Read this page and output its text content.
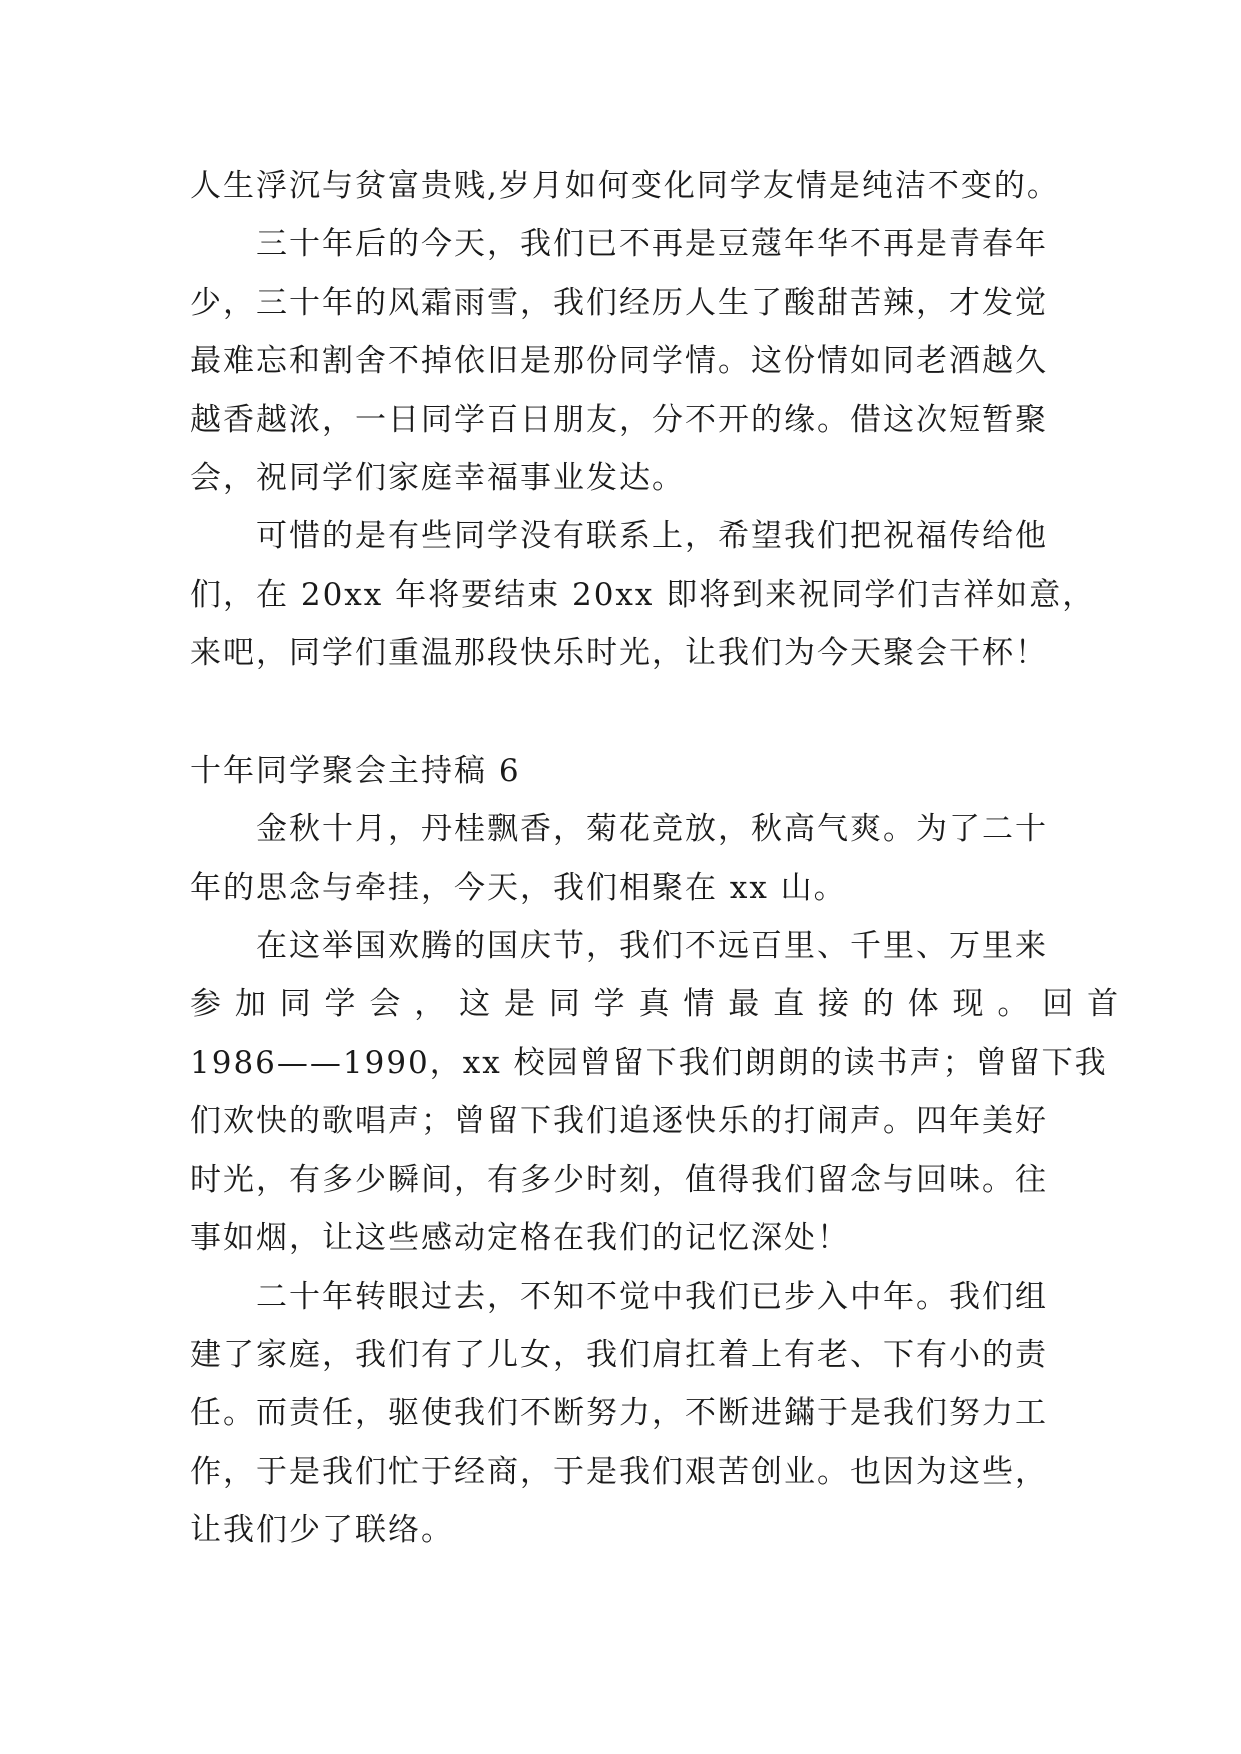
人生浮沉与贫富贵贱,岁月如何变化同学友情是纯洁不变的。

三十年后的今天，我们已不再是豆蔻年华不再是青春年

少，三十年的风霜雨雪，我们经历人生了酸甜苦辣，才发觉

最难忘和割舍不掉依旧是那份同学情。这份情如同老酒越久

越香越浓，一日同学百日朋友，分不开的缘。借这次短暂聚

会，祝同学们家庭幸福事业发达。

可惜的是有些同学没有联系上，希望我们把祝福传给他

们，在 20xx 年将要结束 20xx 即将到来祝同学们吉祥如意，

来吧，同学们重温那段快乐时光，让我们为今天聚会干杯！

十年同学聚会主持稿 6

金秋十月，丹桂飘香，菊花竞放，秋高气爽。为了二十

年的思念与牵挂，今天，我们相聚在 xx 山。

在这举国欢腾的国庆节，我们不远百里、千里、万里来

参 加 同 学 会 ， 这 是 同 学 真 情 最 直 接 的 体 现 。 回 首

1986——1990，xx 校园曾留下我们朗朗的读书声；曾留下我

们欢快的歌唱声；曾留下我们追逐快乐的打闹声。四年美好

时光，有多少瞬间，有多少时刻，值得我们留念与回味。往

事如烟，让这些感动定格在我们的记忆深处！

二十年转眼过去，不知不觉中我们已步入中年。我们组

建了家庭，我们有了儿女，我们肩扛着上有老、下有小的责

任。而责任，驱使我们不断努力，不断进鏋于是我们努力工

作，于是我们忙于经商，于是我们艰苦创业。也因为这些，

让我们少了联络。
